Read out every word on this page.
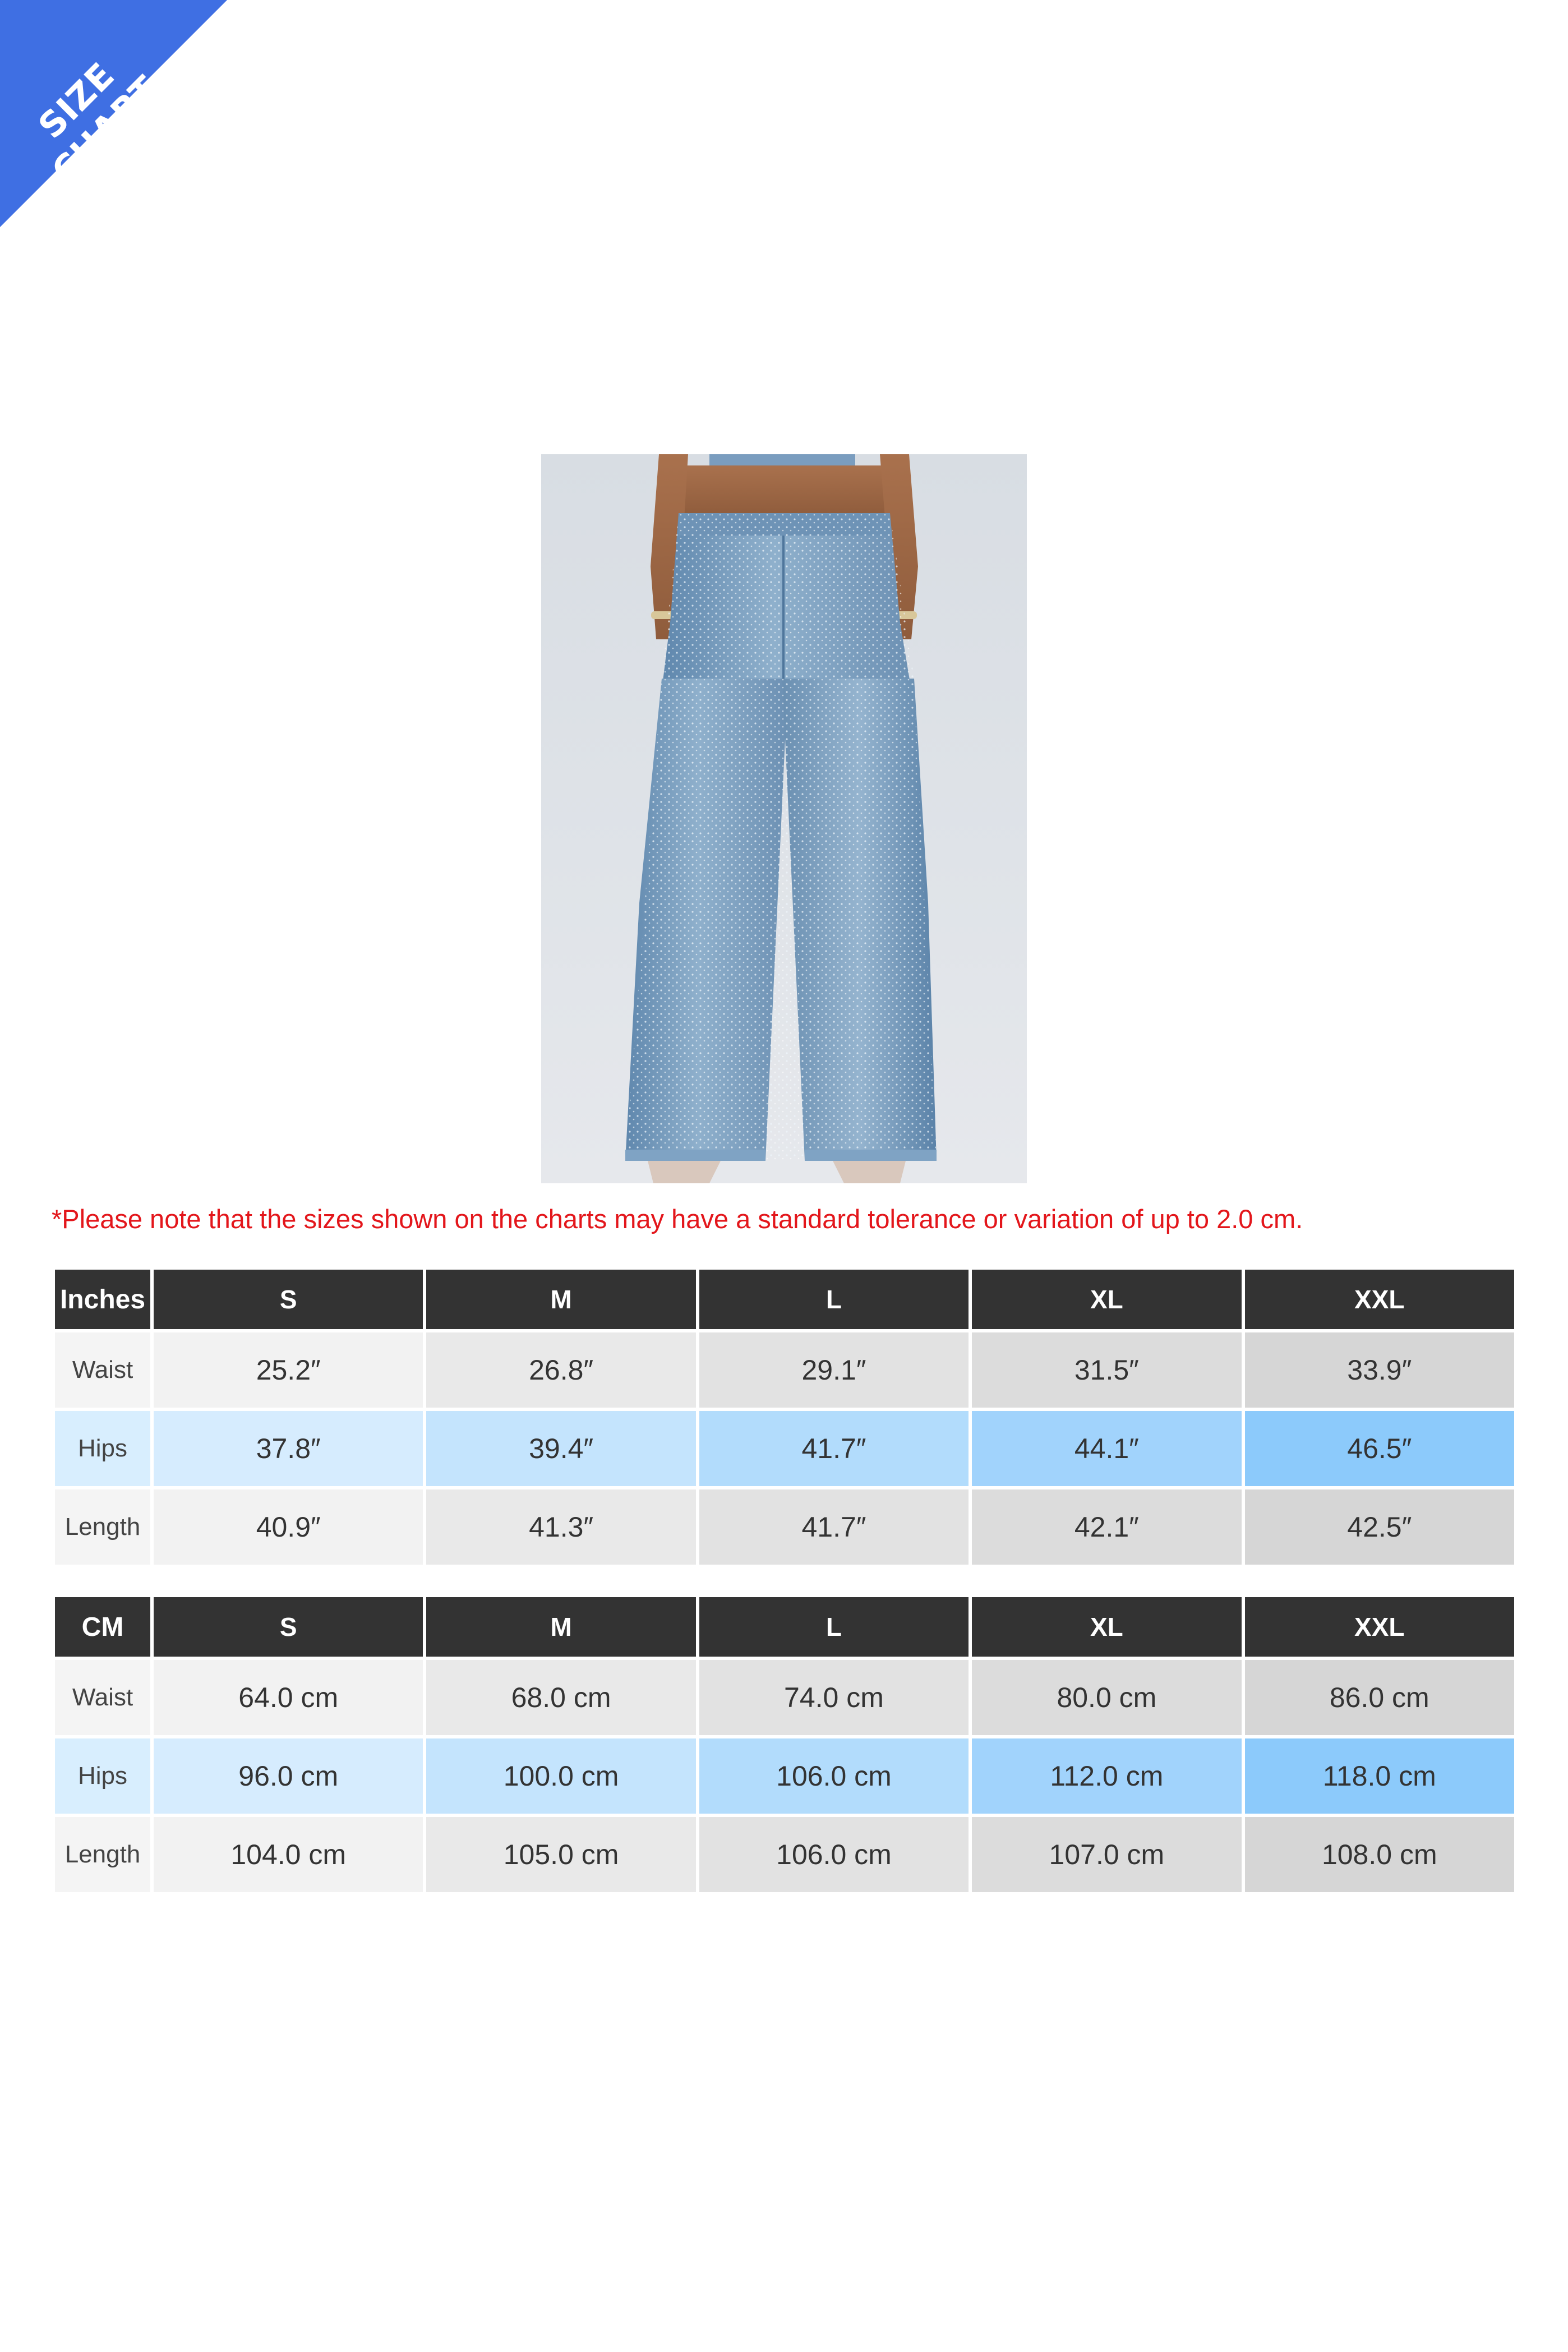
SIZE CHART
*Please note that the sizes shown on the charts may have a standard tolerance or variation of up to 2.0 cm.
Inches	S	M	L	XL	XXL
Waist	25.2″	26.8″	29.1″	31.5″	33.9″
Hips	37.8″	39.4″	41.7″	44.1″	46.5″
Length	40.9″	41.3″	41.7″	42.1″	42.5″
CM	S	M	L	XL	XXL
Waist	64.0 cm	68.0 cm	74.0 cm	80.0 cm	86.0 cm
Hips	96.0 cm	100.0 cm	106.0 cm	112.0 cm	118.0 cm
Length	104.0 cm	105.0 cm	106.0 cm	107.0 cm	108.0 cm
